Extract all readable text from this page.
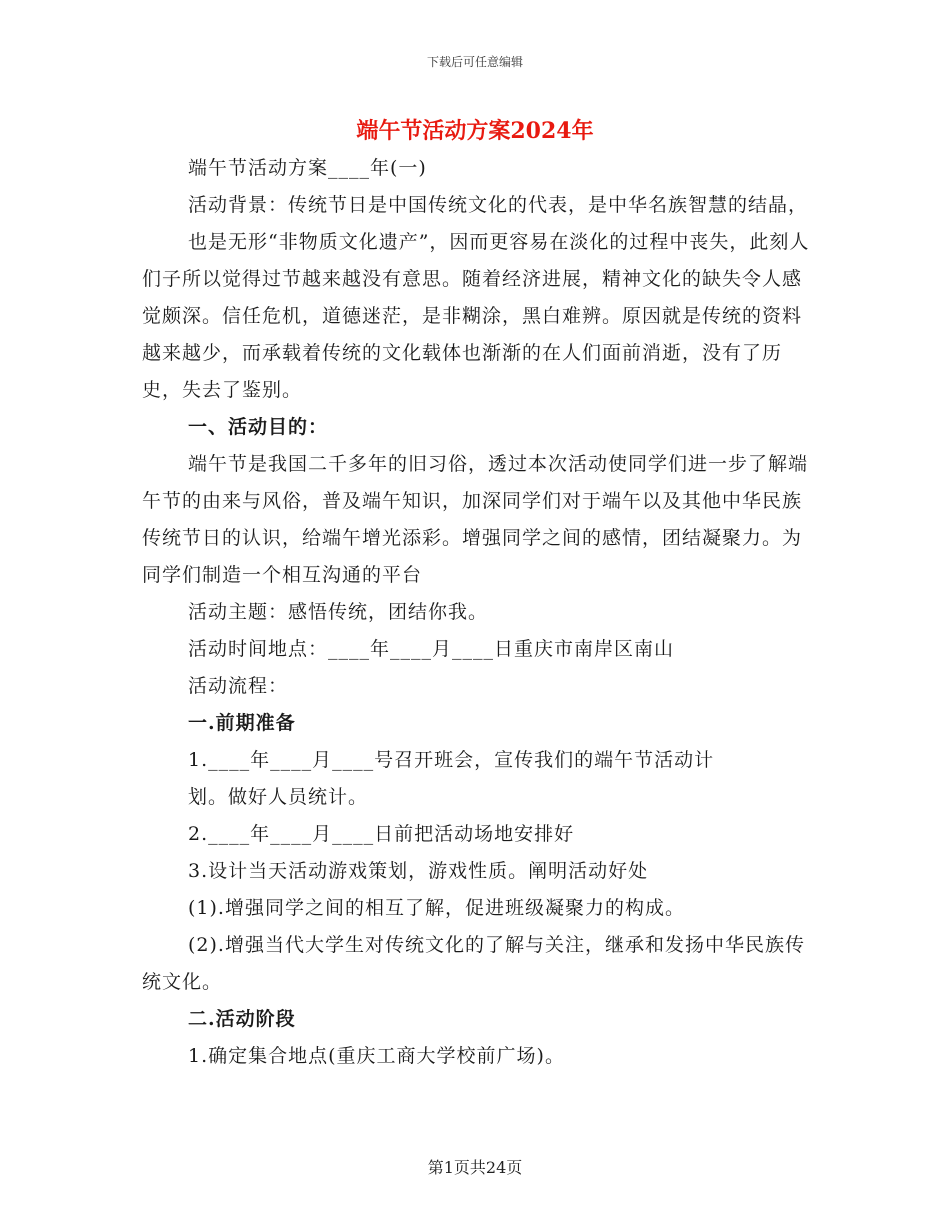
下载后可任意编辑
端午节活动方案2024年

端午节活动方案____年(一)

活动背景：传统节日是中国传统文化的代表，是中华名族智慧的结晶，

也是无形“非物质文化遗产”，因而更容易在淡化的过程中丧失，此刻人们子所以觉得过节越来越没有意思。随着经济进展，精神文化的缺失令人感觉颇深。信任危机，道德迷茫，是非糊涂，黑白难辨。原因就是传统的资料越来越少，而承载着传统的文化载体也渐渐的在人们面前消逝，没有了历史，失去了鉴别。

一、活动目的：

端午节是我国二千多年的旧习俗，透过本次活动使同学们进一步了解端午节的由来与风俗，普及端午知识，加深同学们对于端午以及其他中华民族传统节日的认识，给端午增光添彩。增强同学之间的感情，团结凝聚力。为同学们制造一个相互沟通的平台

活动主题：感悟传统，团结你我。

活动时间地点：____年____月____日重庆市南岸区南山

活动流程：

一.前期准备

1.____年____月____号召开班会，宣传我们的端午节活动计

划。做好人员统计。

2.____年____月____日前把活动场地安排好

3.设计当天活动游戏策划，游戏性质。阐明活动好处

(1).增强同学之间的相互了解，促进班级凝聚力的构成。

(2).增强当代大学生对传统文化的了解与关注，继承和发扬中华民族传统文化。

二.活动阶段

1.确定集合地点(重庆工商大学校前广场)。

第1页共24页
